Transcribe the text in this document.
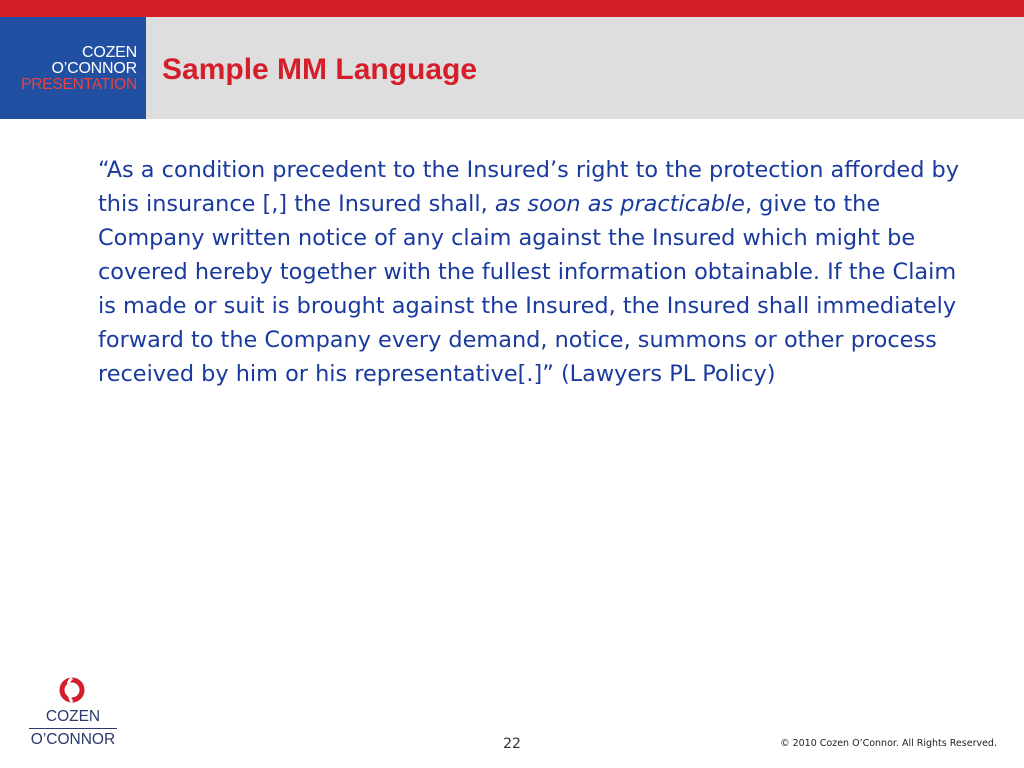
COZEN
O’CONNOR
PRESENTATION Sample MM Language

“As a condition precedent to the Insured’s right to the protection afforded by this insurance [,] the Insured shall, as soon as practicable, give to the Company written notice of any claim against the Insured which might be covered hereby together with the fullest information obtainable. If the Claim is made or suit is brought against the Insured, the Insured shall immediately forward to the Company every demand, notice, summons or other process received by him or his representative[.]” (Lawyers PL Policy)

COZEN
O’CONNOR	22	© 2010 Cozen O’Connor. All Rights Reserved.
